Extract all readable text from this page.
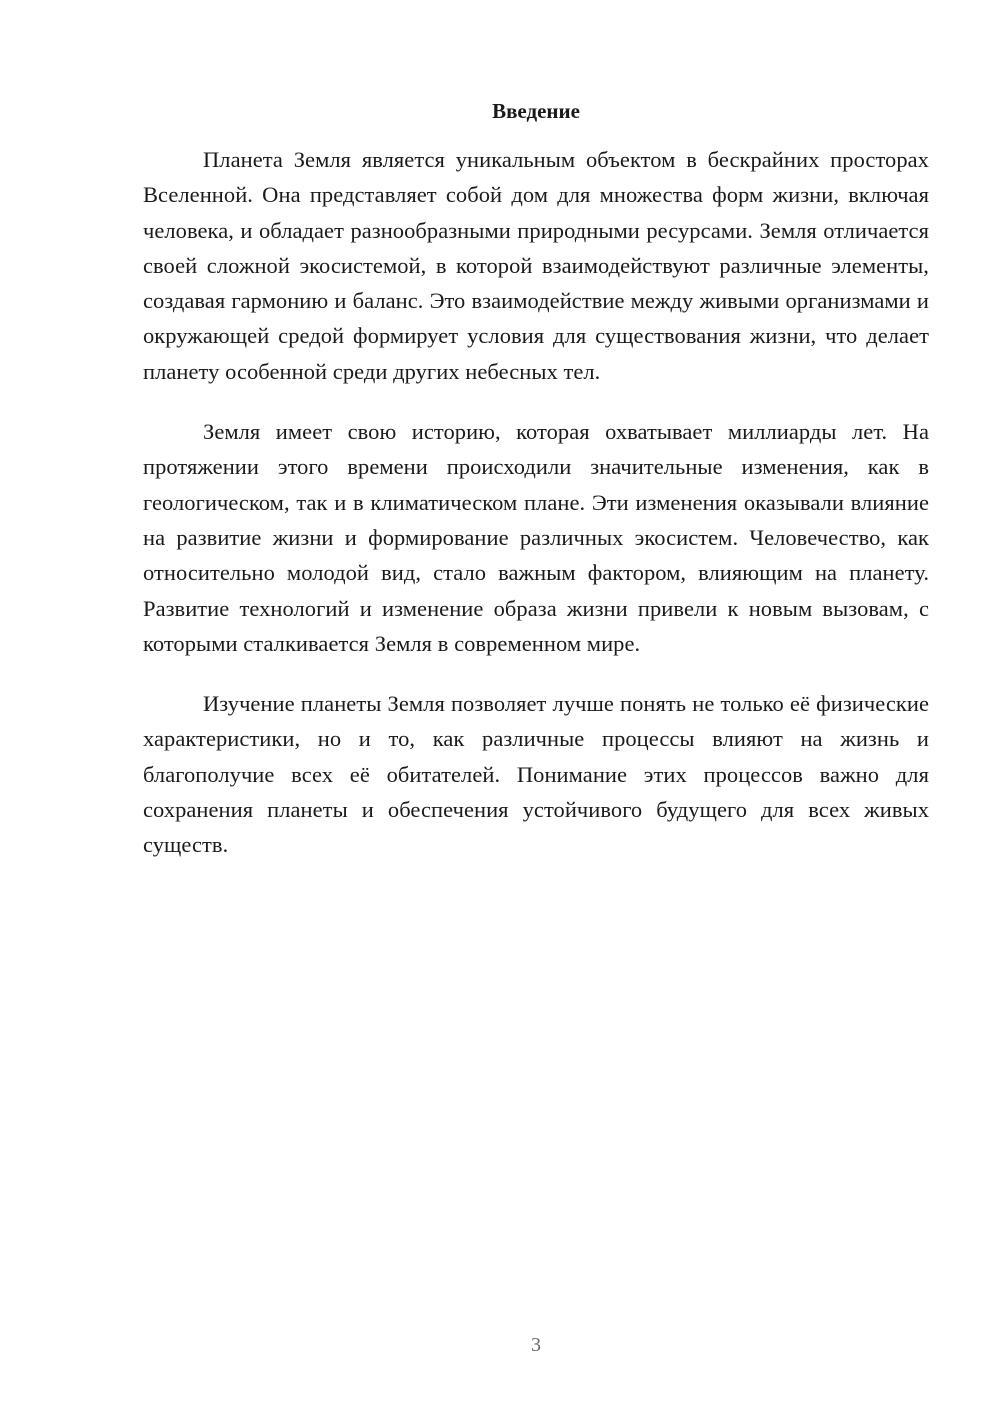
Введение

Планета Земля является уникальным объектом в бескрайних просторах Вселенной. Она представляет собой дом для множества форм жизни, включая человека, и обладает разнообразными природными ресурсами. Земля отличается своей сложной экосистемой, в которой взаимодействуют различные элементы, создавая гармонию и баланс. Это взаимодействие между живыми организмами и окружающей средой формирует условия для существования жизни, что делает планету особенной среди других небесных тел.

Земля имеет свою историю, которая охватывает миллиарды лет. На протяжении этого времени происходили значительные изменения, как в геологическом, так и в климатическом плане. Эти изменения оказывали влияние на развитие жизни и формирование различных экосистем. Человечество, как относительно молодой вид, стало важным фактором, влияющим на планету. Развитие технологий и изменение образа жизни привели к новым вызовам, с которыми сталкивается Земля в современном мире.

Изучение планеты Земля позволяет лучше понять не только её физические характеристики, но и то, как различные процессы влияют на жизнь и благополучие всех её обитателей. Понимание этих процессов важно для сохранения планеты и обеспечения устойчивого будущего для всех живых существ.

3
